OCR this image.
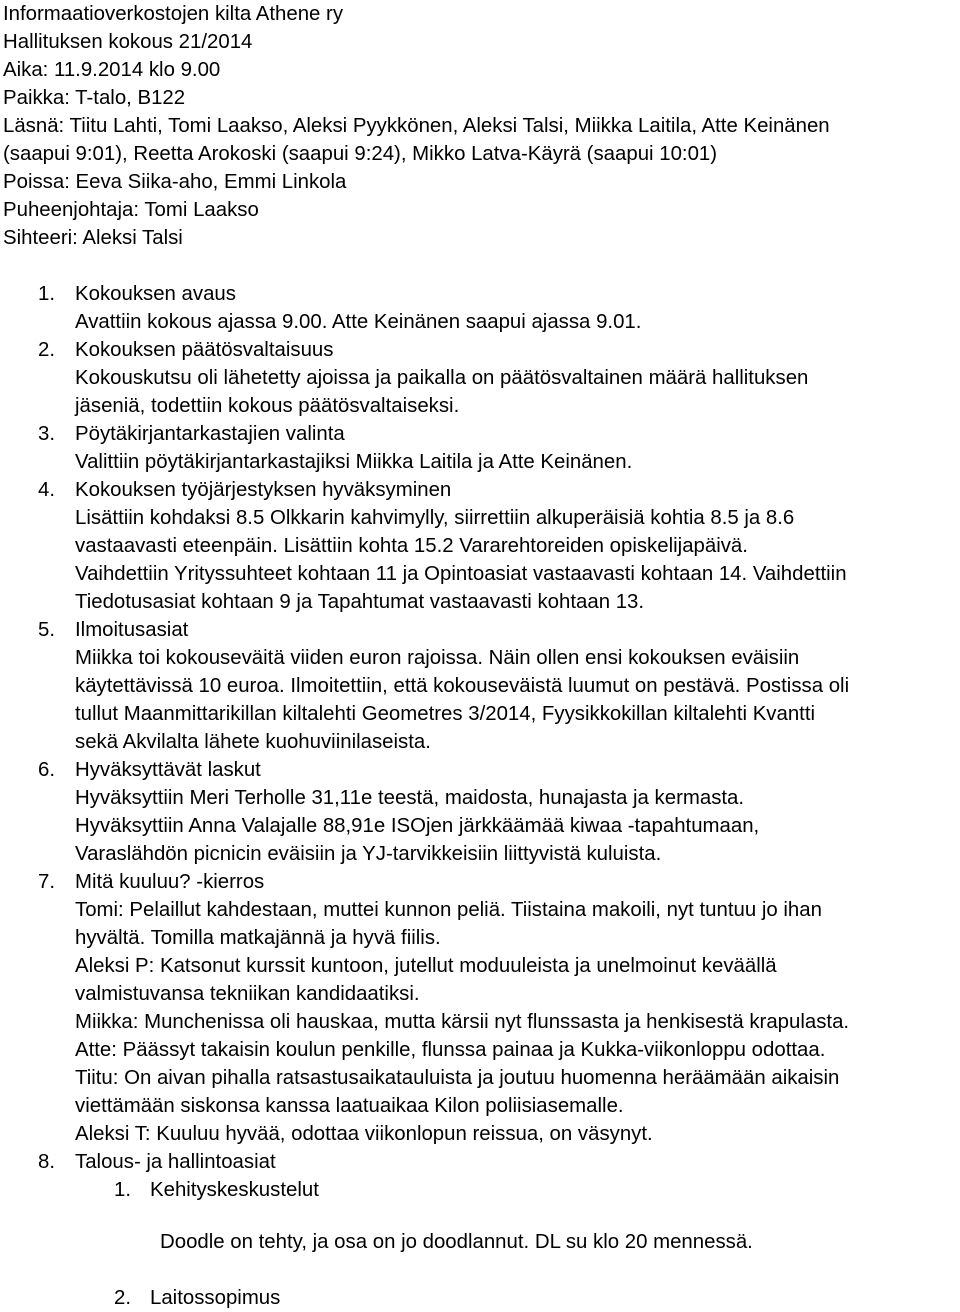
Informaatioverkostojen kilta Athene ry
Hallituksen kokous 21/2014
Aika: 11.9.2014 klo 9.00
Paikka: T-talo, B122
Läsnä: Tiitu Lahti, Tomi Laakso, Aleksi Pyykkönen, Aleksi Talsi, Miikka Laitila, Atte Keinänen
(saapui 9:01), Reetta Arokoski (saapui 9:24), Mikko Latva-Käyrä (saapui 10:01)
Poissa: Eeva Siika-aho, Emmi Linkola
Puheenjohtaja: Tomi Laakso
Sihteeri: Aleksi Talsi
1. Kokouksen avaus
Avattiin kokous ajassa 9.00. Atte Keinänen saapui ajassa 9.01.
2. Kokouksen päätösvaltaisuus
Kokouskutsu oli lähetetty ajoissa ja paikalla on päätösvaltainen määrä hallituksen
jäseniä, todettiin kokous päätösvaltaiseksi.
3. Pöytäkirjantarkastajien valinta
Valittiin pöytäkirjantarkastajiksi Miikka Laitila ja Atte Keinänen.
4. Kokouksen työjärjestyksen hyväksyminen
Lisättiin kohdaksi 8.5 Olkkarin kahvimylly, siirrettiin alkuperäisiä kohtia 8.5 ja 8.6
vastaavasti eteenpäin. Lisättiin kohta 15.2 Vararehtoreiden opiskelijapäivä.
Vaihdettiin Yrityssuhteet kohtaan 11 ja Opintoasiat vastaavasti kohtaan 14. Vaihdettiin
Tiedotusasiat kohtaan 9 ja Tapahtumat vastaavasti kohtaan 13.
5. Ilmoitusasiat
Miikka toi kokouseväitä viiden euron rajoissa. Näin ollen ensi kokouksen eväisiin
käytettävissä 10 euroa. Ilmoitettiin, että kokouseväistä luumut on pestävä. Postissa oli
tullut Maanmittarikillan kiltalehti Geometres 3/2014, Fyysikkokillan kiltalehti Kvantti
sekä Akvilalta lähete kuohuviinilaseista.
6. Hyväksyttävät laskut
Hyväksyttiin Meri Terholle 31,11e teestä, maidosta, hunajasta ja kermasta.
Hyväksyttiin Anna Valajalle 88,91e ISOjen järkkäämää kiwaa -tapahtumaan,
Varaslähdön picnicin eväisiin ja YJ-tarvikkeisiin liittyvistä kuluista.
7. Mitä kuuluu? -kierros
Tomi: Pelaillut kahdestaan, muttei kunnon peliä. Tiistaina makoili, nyt tuntuu jo ihan
hyvältä. Tomilla matkajännä ja hyvä fiilis.
Aleksi P: Katsonut kurssit kuntoon, jutellut moduuleista ja unelmoinut keväällä
valmistuvansa tekniikan kandidaatiksi.
Miikka: Munchenissa oli hauskaa, mutta kärsii nyt flunssasta ja henkisestä krapulasta.
Atte: Päässyt takaisin koulun penkille, flunssa painaa ja Kukka-viikonloppu odottaa.
Tiitu: On aivan pihalla ratsastusaikatauluista ja joutuu huomenna heräämään aikaisin
viettämään siskonsa kanssa laatuaikaa Kilon poliisiasemalle.
Aleksi T: Kuuluu hyvää, odottaa viikonlopun reissua, on väsynyt.
8. Talous- ja hallintoasiat
1. Kehityskeskustelut
Doodle on tehty, ja osa on jo doodlannut. DL su klo 20 mennessä.
2. Laitossopimus
